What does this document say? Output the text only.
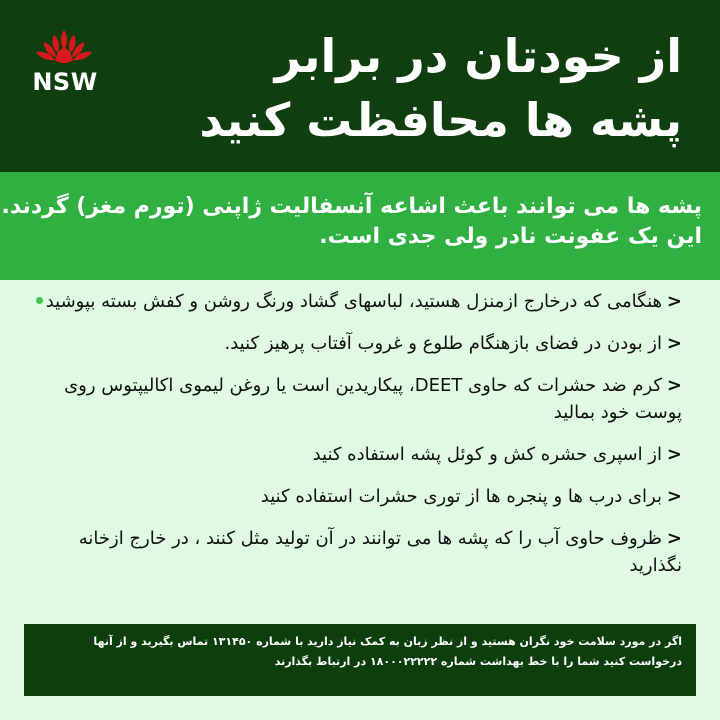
NSW	از خودتان در برابر
پشه ها محافظت کنید
پشه ها می توانند باعث اشاعه آنسفالیت ژاپنی (تورم مغز) گردند.
این یک عفونت نادر ولی جدی است.
<هنگامی که درخارج ازمنزل هستید، لباسهای گشاد ورنگ روشن و کفش بسته بپوشید
<از بودن در فضای بازهنگام طلوع و غروب آفتاب پرهیز کنید.
<کرم ضد حشرات که حاوی DEET، پیکاریدین است یا روغن لیموی اکالیپتوس روی پوست خود بمالید
<از اسپری حشره کش و کوئل پشه استفاده کنید
<برای درب ها و پنجره ها از توری حشرات استفاده کنید
<ظروف حاوی آب را که پشه ها می توانند در آن تولید مثل کنند ، در خارج ازخانه نگذارید
اگر در مورد سلامت خود نگران هستید و از نظر زبان به کمک نیاز دارید با شماره ۱۳۱۴۵۰ تماس بگیرید و از آنها
درخواست کنید شما را با خط بهداشت شماره ۱۸۰۰۰۲۲۲۲۲ در ارتباط بگذارند
